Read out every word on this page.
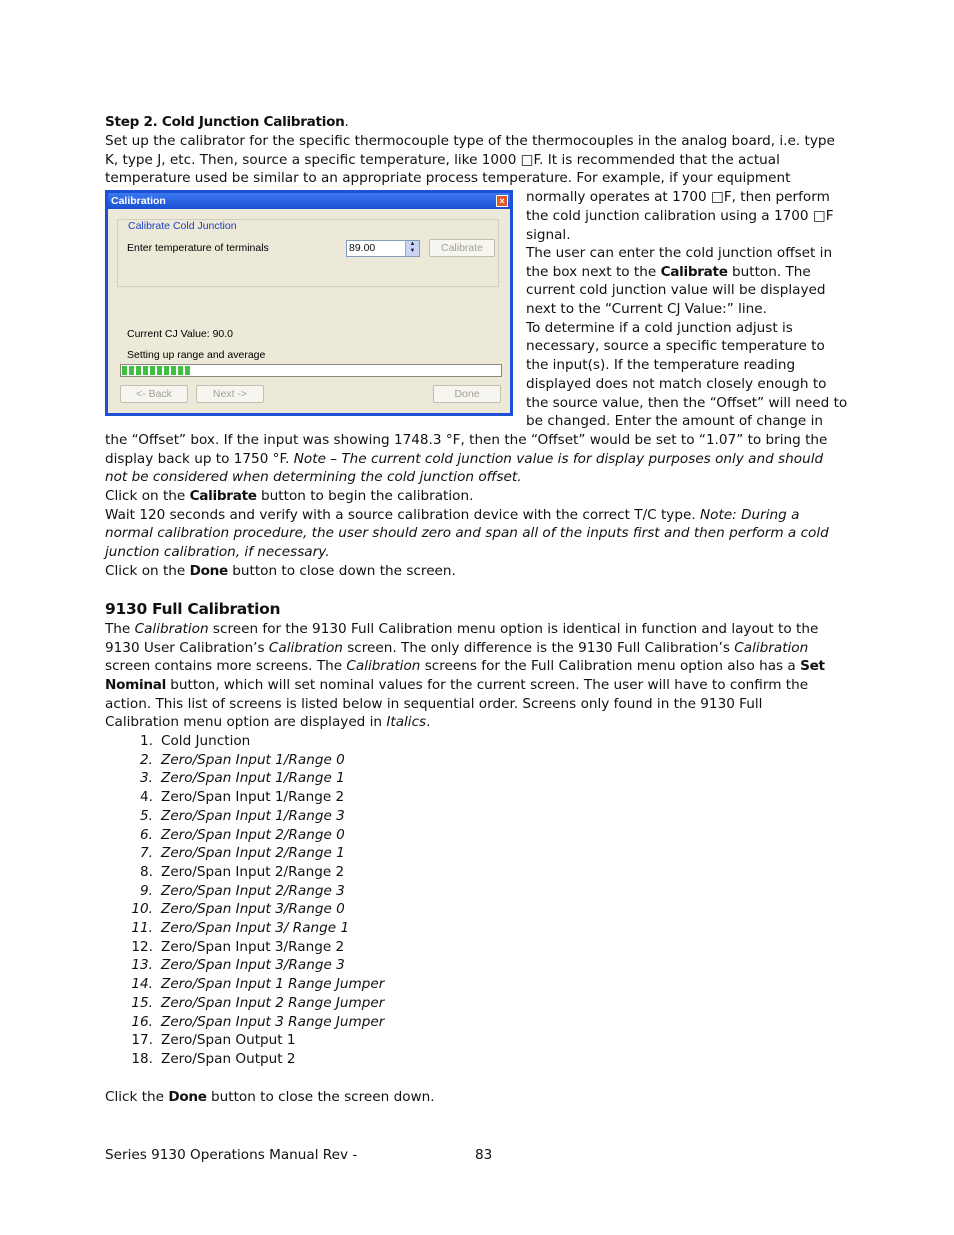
Step 2. Cold Junction Calibration.
Set up the calibrator for the specific thermocouple type of the thermocouples in the analog board, i.e. type
K, type J, etc. Then, source a specific temperature, like 1000 □F. It is recommended that the actual
temperature used be similar to an appropriate process temperature. For example, if your equipment
Calibration	×
Calibrate Cold Junction
Enter temperature of terminals	89.00	▲
▼	Calibrate
Current CJ Value: 90.0
Setting up range and average
<- Back	Next ->	Done
normally operates at 1700 □F, then perform
the cold junction calibration using a 1700 □F
signal.
The user can enter the cold junction offset in
the box next to the Calibrate button. The
current cold junction value will be displayed
next to the “Current CJ Value:” line.
To determine if a cold junction adjust is
necessary, source a specific temperature to
the input(s). If the temperature reading
displayed does not match closely enough to
the source value, then the “Offset” will need to
be changed. Enter the amount of change in
the “Offset” box. If the input was showing 1748.3 °F, then the “Offset” would be set to “1.07” to bring the
display back up to 1750 °F. Note – The current cold junction value is for display purposes only and should
not be considered when determining the cold junction offset.
Click on the Calibrate button to begin the calibration.
Wait 120 seconds and verify with a source calibration device with the correct T/C type. Note: During a
normal calibration procedure, the user should zero and span all of the inputs first and then perform a cold
junction calibration, if necessary.
Click on the Done button to close down the screen.
9130 Full Calibration
The Calibration screen for the 9130 Full Calibration menu option is identical in function and layout to the
9130 User Calibration’s Calibration screen. The only difference is the 9130 Full Calibration’s Calibration
screen contains more screens. The Calibration screens for the Full Calibration menu option also has a Set
Nominal button, which will set nominal values for the current screen. The user will have to confirm the
action. This list of screens is listed below in sequential order. Screens only found in the 9130 Full
Calibration menu option are displayed in Italics.
1. Cold Junction
2. Zero/Span Input 1/Range 0
3. Zero/Span Input 1/Range 1
4. Zero/Span Input 1/Range 2
5. Zero/Span Input 1/Range 3
6. Zero/Span Input 2/Range 0
7. Zero/Span Input 2/Range 1
8. Zero/Span Input 2/Range 2
9. Zero/Span Input 2/Range 3
10. Zero/Span Input 3/Range 0
11. Zero/Span Input 3/ Range 1
12. Zero/Span Input 3/Range 2
13. Zero/Span Input 3/Range 3
14. Zero/Span Input 1 Range Jumper
15. Zero/Span Input 2 Range Jumper
16. Zero/Span Input 3 Range Jumper
17. Zero/Span Output 1
18. Zero/Span Output 2
Click the Done button to close the screen down.
Series 9130 Operations Manual Rev -	83
